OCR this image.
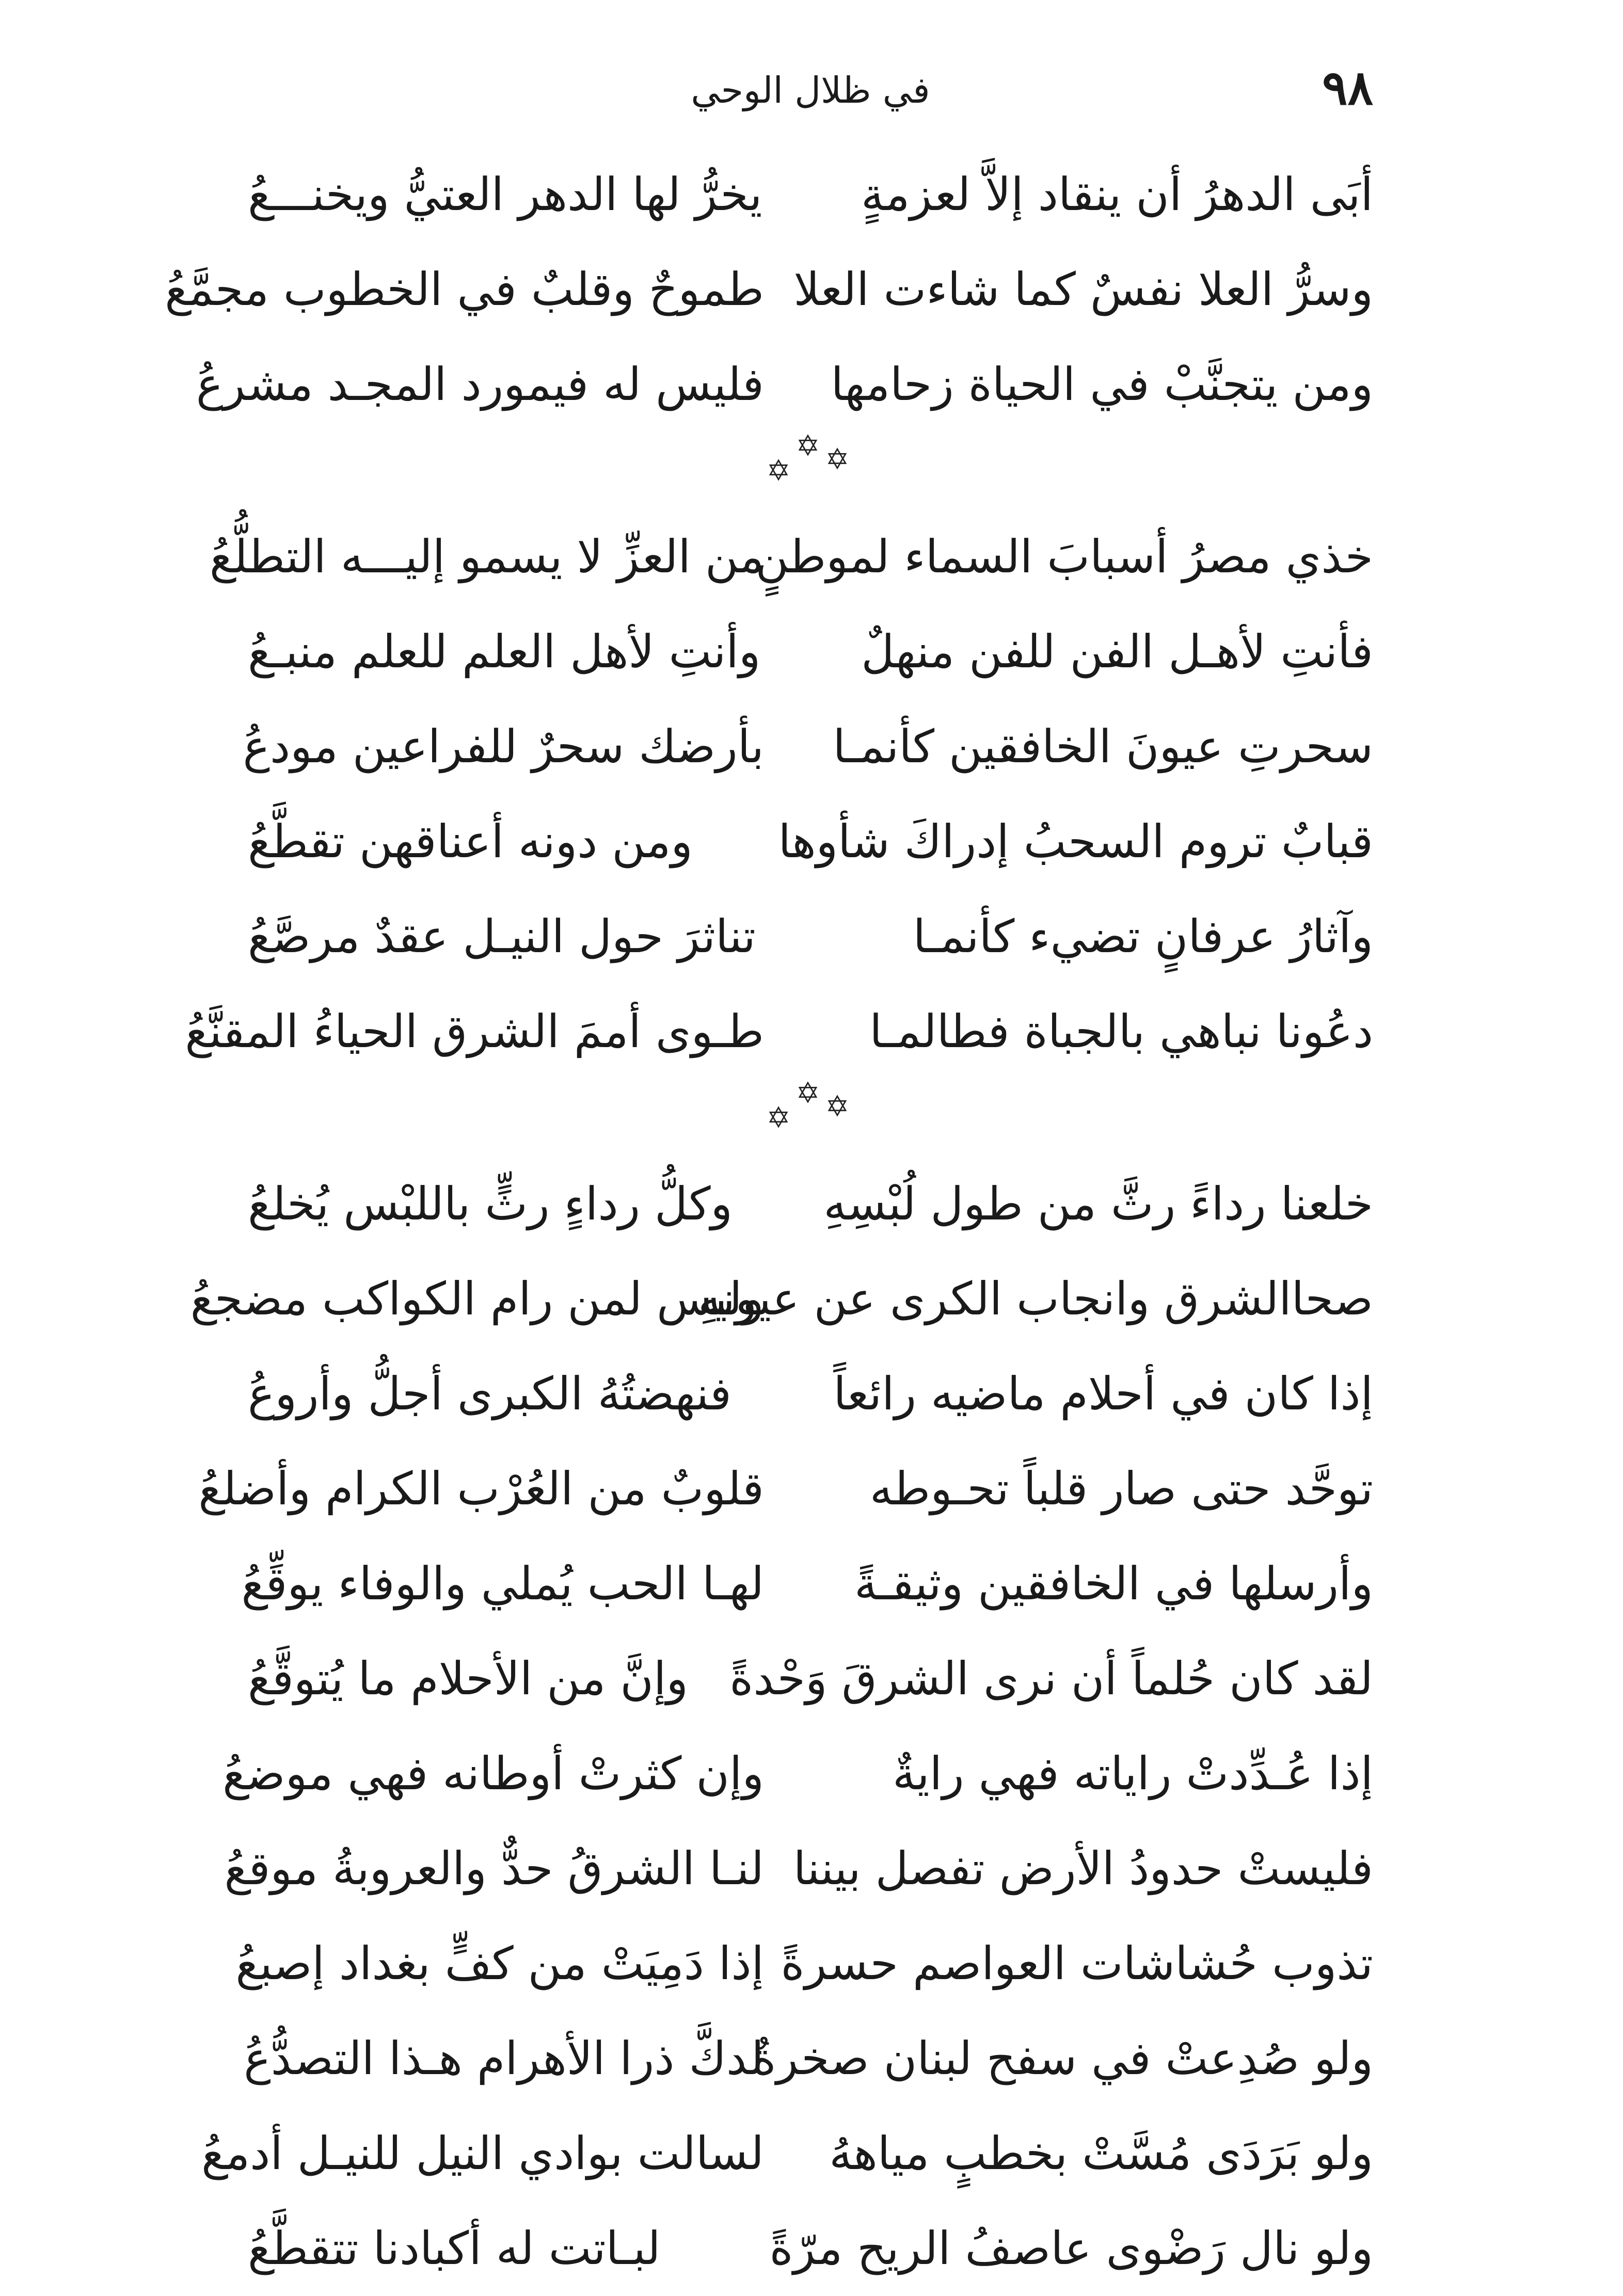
٩٨
في ظلال الوحي
أبَى الدهرُ أن ينقاد إلاَّ لعزمةٍ
يخرُّ لها الدهر العتيُّ ويخنـــعُ
وسرُّ العلا نفسٌ كما شاءت العلا
طموحٌ وقلبٌ في الخطوب مجمَّعُ
ومن يتجنَّبْ في الحياة زحامها
فليس له فيمورد المجـد مشرعُ
✡
✡
✡
خذي مصرُ أسبابَ السماء لموطنٍ
من العزِّ لا يسمو إليـــه التطلُّعُ
فأنتِ لأهـل الفن للفن منهلٌ
وأنتِ لأهل العلم للعلم منبـعُ
سحرتِ عيونَ الخافقين كأنمـا
بأرضك سحرٌ للفراعين مودعُ
قبابٌ تروم السحبُ إدراكَ شأوها
ومن دونه أعناقهن تقطَّعُ
وآثارُ عرفانٍ تضيء كأنمـا
تناثرَ حول النيـل عقدٌ مرصَّعُ
دعُونا نباهي بالجباة فطالمـا
طـوى أممَ الشرق الحياءُ المقنَّعُ
✡
✡
✡
خلعنا رداءً رثَّ من طول لُبْسِهِ
وكلُّ رداءٍ رثٍّ باللبْس يُخلعُ
صحاالشرق وانجاب الكرى عن عيونهِ
وليس لمن رام الكواكب مضجعُ
إذا كان في أحلام ماضيه رائعاً
فنهضتُهُ الكبرى أجلُّ وأروعُ
توحَّد حتى صار قلباً تحـوطه
قلوبٌ من العُرْب الكرام وأضلعُ
وأرسلها في الخافقين وثيقـةً
لهـا الحب يُملي والوفاء يوقِّعُ
لقد كان حُلماً أن نرى الشرقَ وَحْدةً
وإنَّ من الأحلام ما يُتوقَّعُ
إذا عُـدِّدتْ راياته فهي رايةٌ
وإن كثرتْ أوطانه فهي موضعُ
فليستْ حدودُ الأرض تفصل بيننا
لنـا الشرقُ حدٌّ والعروبةُ موقعُ
تذوب حُشاشات العواصم حسرةً
إذا دَمِيَتْ من كفٍّ بغداد إصبعُ
ولو صُدِعتْ في سفح لبنان صخرةٌ
لدكَّ ذرا الأهرام هـذا التصدُّعُ
ولو بَرَدَى مُسَّتْ بخطبٍ مياههُ
لسالت بوادي النيل للنيـل أدمعُ
ولو نال رَضْوى عاصفُ الريح مرّةً
لبـاتت له أكبادنا تتقطَّعُ
